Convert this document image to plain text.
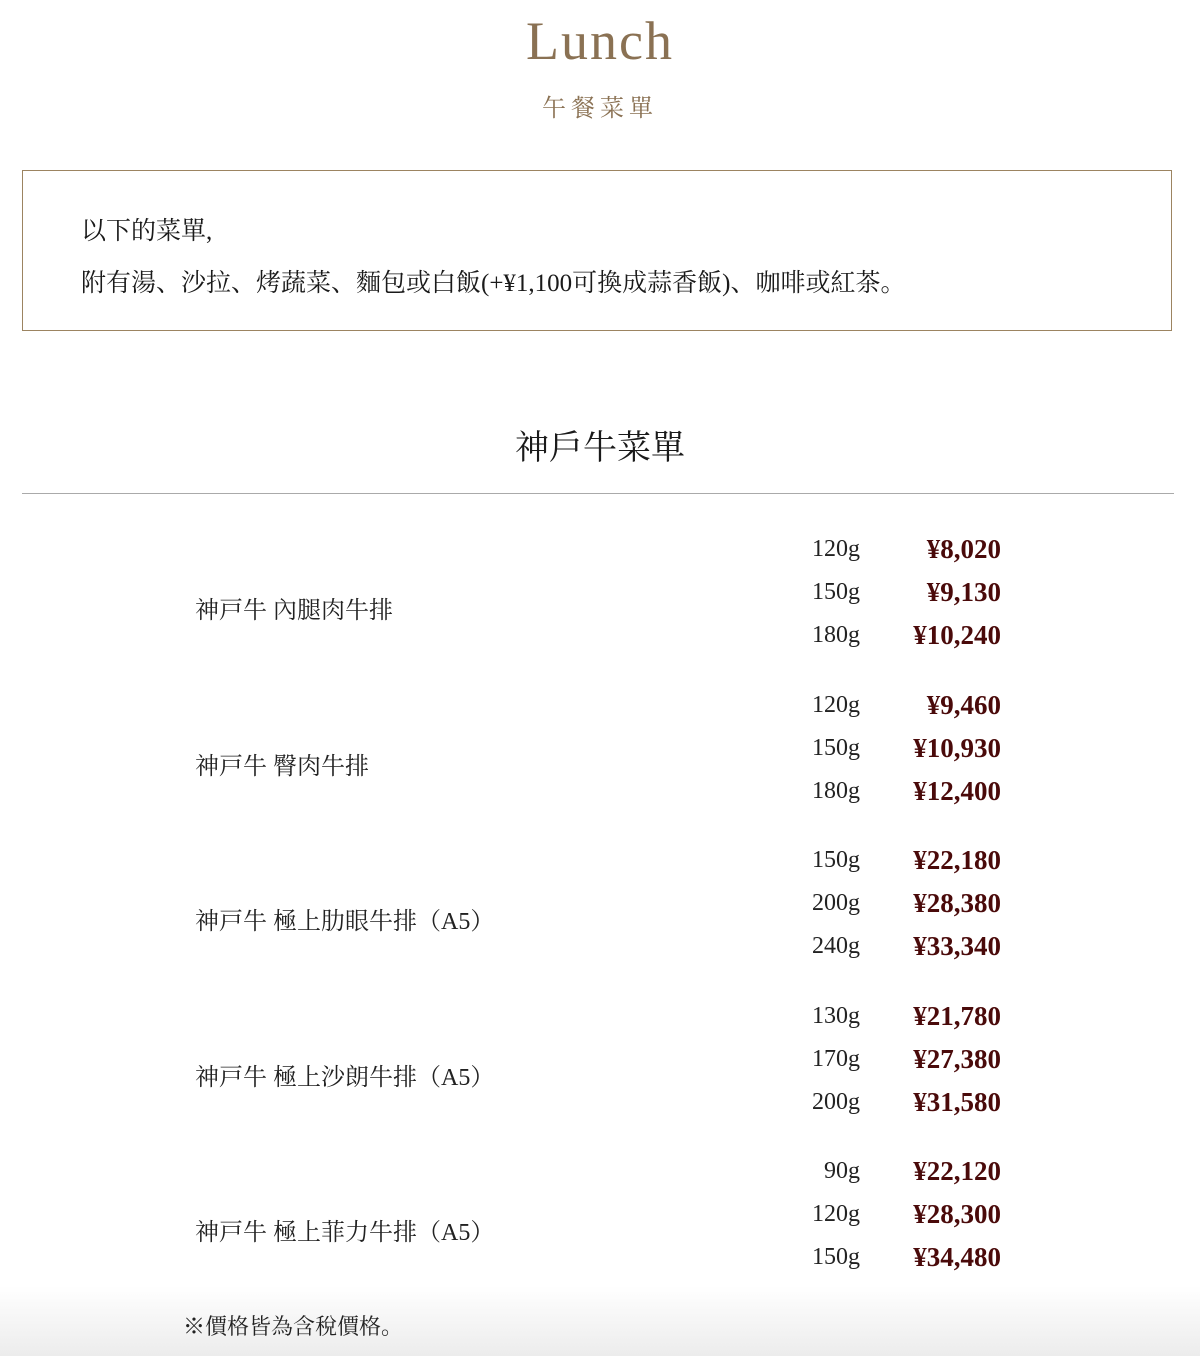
Lunch
午餐菜單

以下的菜單,

附有湯、沙拉、烤蔬菜、麵包或白飯(+¥1,100可換成蒜香飯)、咖啡或紅茶。

神戶牛菜單
神戸牛 內腿肉牛排
120g ¥8,020
150g ¥9,130
180g ¥10,240
神戸牛 臀肉牛排
120g ¥9,460
150g ¥10,930
180g ¥12,400
神戸牛 極上肋眼牛排（A5）
150g ¥22,180
200g ¥28,380
240g ¥33,340
神戸牛 極上沙朗牛排（A5）
130g ¥21,780
170g ¥27,380
200g ¥31,580
神戸牛 極上菲力牛排（A5）
90g ¥22,120
120g ¥28,300
150g ¥34,480
※價格皆為含稅價格。
